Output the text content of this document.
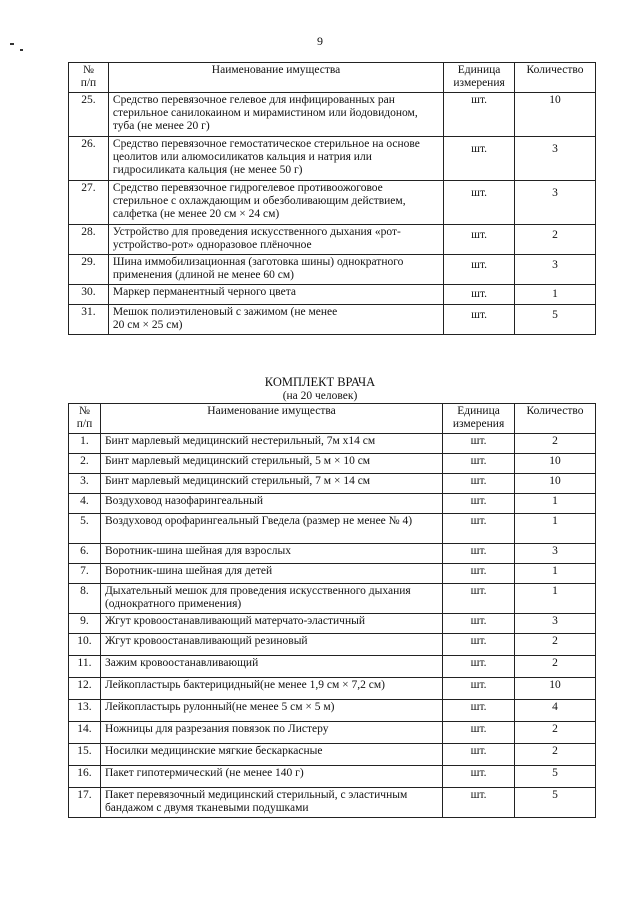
9
№
п/п	Наименование имущества	Единица
измерения	Количество
25.	Средство перевязочное гелевое для инфицированных ран стерильное санилокаином и мирамистином или йодовидоном, туба (не менее 20 г)	шт.	10
26.	Средство перевязочное гемостатическое стерильное на основе цеолитов или алюмосиликатов кальция и натрия или гидросиликата кальция (не менее 50 г)	шт.	3
27.	Средство перевязочное гидрогелевое противоожоговое стерильное с охлаждающим и обезболивающим действием, салфетка (не менее 20 см × 24 см)	шт.	3
28.	Устройство для проведения искусственного дыхания «рот-устройство-рот» одноразовое плёночное	шт.	2
29.	Шина иммобилизационная (заготовка шины) однократного применения (длиной не менее 60 см)	шт.	3
30.	Маркер перманентный черного цвета	шт.	1
31.	Мешок полиэтиленовый с зажимом (не менее 20 см × 25 см)	шт.	5
КОМПЛЕКТ ВРАЧА
(на 20 человек)
№
п/п	Наименование имущества	Единица
измерения	Количество
1.	Бинт марлевый медицинский нестерильный, 7м х14 см	шт.	2
2.	Бинт марлевый медицинский стерильный, 5 м × 10 см	шт.	10
3.	Бинт марлевый медицинский стерильный, 7 м × 14 см	шт.	10
4.	Воздуховод назофарингеальный	шт.	1
5.	Воздуховод орофарингеальный Гведела (размер не менее № 4)	шт.	1
6.	Воротник-шина шейная для взрослых	шт.	3
7.	Воротник-шина шейная для детей	шт.	1
8.	Дыхательный мешок для проведения искусственного дыхания (однократного применения)	шт.	1
9.	Жгут кровоостанавливающий матерчато-эластичный	шт.	3
10.	Жгут кровоостанавливающий резиновый	шт.	2
11.	Зажим кровоостанавливающий	шт.	2
12.	Лейкопластырь бактерицидный(не менее 1,9 см × 7,2 см)	шт.	10
13.	Лейкопластырь рулонный(не менее 5 см × 5 м)	шт.	4
14.	Ножницы для разрезания повязок по Листеру	шт.	2
15.	Носилки медицинские мягкие бескаркасные	шт.	2
16.	Пакет гипотермический (не менее 140 г)	шт.	5
17.	Пакет перевязочный медицинский стерильный, с эластичным бандажом с двумя тканевыми подушками	шт.	5
